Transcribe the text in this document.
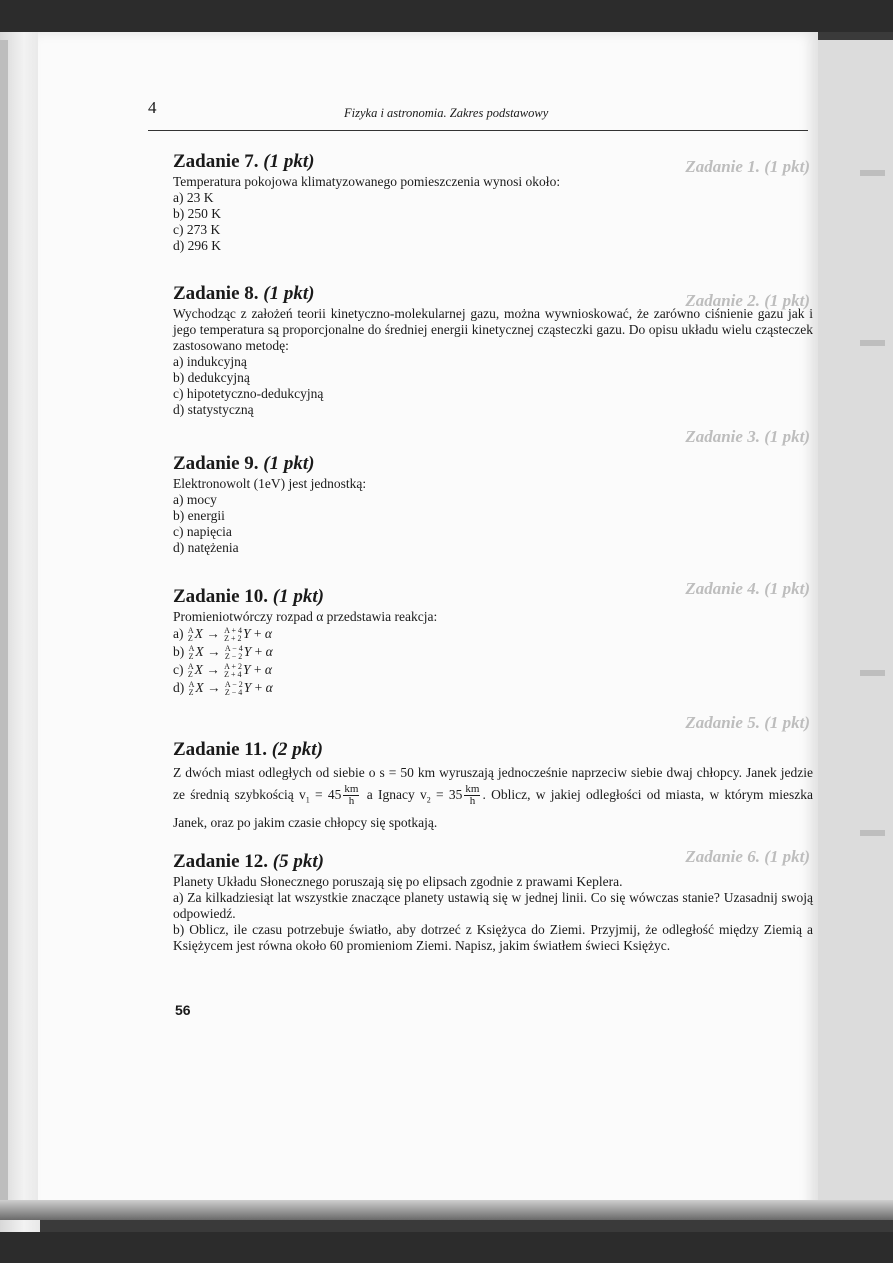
Zadanie 1. (1 pkt)
Zadanie 2. (1 pkt)
Zadanie 3. (1 pkt)
Zadanie 4. (1 pkt)
Zadanie 5. (1 pkt)
Zadanie 6. (1 pkt)
4	Fizyka i astronomia. Zakres podstawowy
Zadanie 7. (1 pkt)

Temperatura pokojowa klimatyzowanego pomieszczenia wynosi około:

a) 23 K
b) 250 K
c) 273 K
d) 296 K
Zadanie 8. (1 pkt)

Wychodząc z założeń teorii kinetyczno-molekularnej gazu, można wywnioskować, że zarówno ciśnienie gazu jak i jego temperatura są proporcjonalne do średniej energii kinetycznej cząsteczki gazu. Do opisu układu wielu cząsteczek zastosowano metodę:

a) indukcyjną
b) dedukcyjną
c) hipotetyczno-dedukcyjną
d) statystyczną
Zadanie 9. (1 pkt)

Elektronowolt (1eV) jest jednostką:

a) mocy
b) energii
c) napięcia
d) natężenia
Zadanie 10. (1 pkt)

Promieniotwórczy rozpad α przedstawia reakcja:

a) A
Z X → A + 4
Z + 2 Y + α
b) A
Z X → A − 4
Z − 2 Y + α
c) A
Z X → A + 2
Z + 4 Y + α
d) A
Z X → A − 2
Z − 4 Y + α
Zadanie 11. (2 pkt)

Z dwóch miast odległych od siebie o s = 50 km wyruszają jednocześnie naprzeciw siebie dwaj chłopcy. Janek jedzie ze średnią szybkością $v_1 = 45 \frac{km}{h}$ a Ignacy $v_2 = 35 \frac{km}{h}$ . Oblicz, w jakiej odległości od miasta, w którym mieszka Janek, oraz po jakim czasie chłopcy się spotkają.

Zadanie 12. (5 pkt)

Planety Układu Słonecznego poruszają się po elipsach zgodnie z prawami Keplera.

a) Za kilkadziesiąt lat wszystkie znaczące planety ustawią się w jednej linii. Co się wówczas stanie? Uzasadnij swoją odpowiedź.

b) Oblicz, ile czasu potrzebuje światło, aby dotrzeć z Księżyca do Ziemi. Przyjmij, że odległość między Ziemią a Księżycem jest równa około 60 promieniom Ziemi. Napisz, jakim światłem świeci Księżyc.

56
